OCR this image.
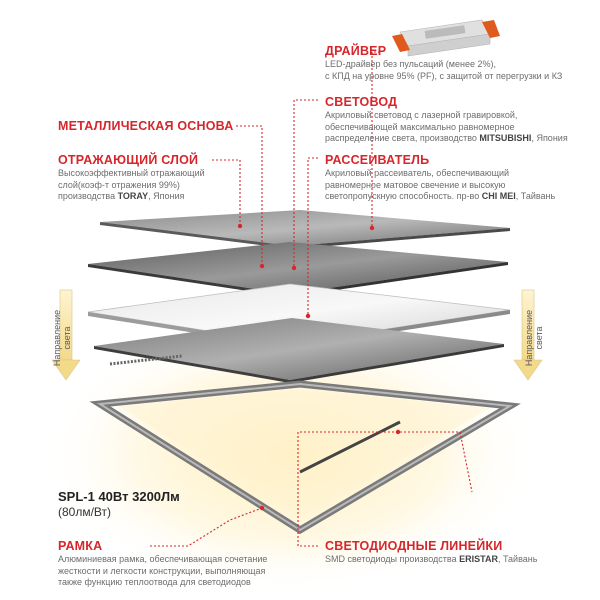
ДРАЙВЕР
LED-драйвер без пульсаций (менее 2%),
с КПД на уровне 95% (PF), с защитой от перегрузки и КЗ
СВЕТОВОД
Акриловый световод с лазерной гравировкой,
обеспечивающей максимально равномерное
распределение света, производство MITSUBISHI, Япония
МЕТАЛЛИЧЕСКАЯ ОСНОВА
ОТРАЖАЮЩИЙ СЛОЙ
Высокоэффективный отражающий
слой(коэф-т отражения 99%)
производства TORAY, Япония
РАССЕИВАТЕЛЬ
Акриловый рассеиватель, обеспечивающий
равномерное матовое свечение и высокую
светопропускную способность. пр-во CHI MEI, Тайвань
SPL-1 40Вт 3200Лм
(80лм/Вт)
РАМКА
Алюминиевая рамка, обеспечивающая сочетание
жесткости и легкости конструкции, выполняющая
также функцию теплоотвода для светодиодов
СВЕТОДИОДНЫЕ ЛИНЕЙКИ
SMD светодиоды производства ERISTAR, Тайвань
Направление света	Направление света
